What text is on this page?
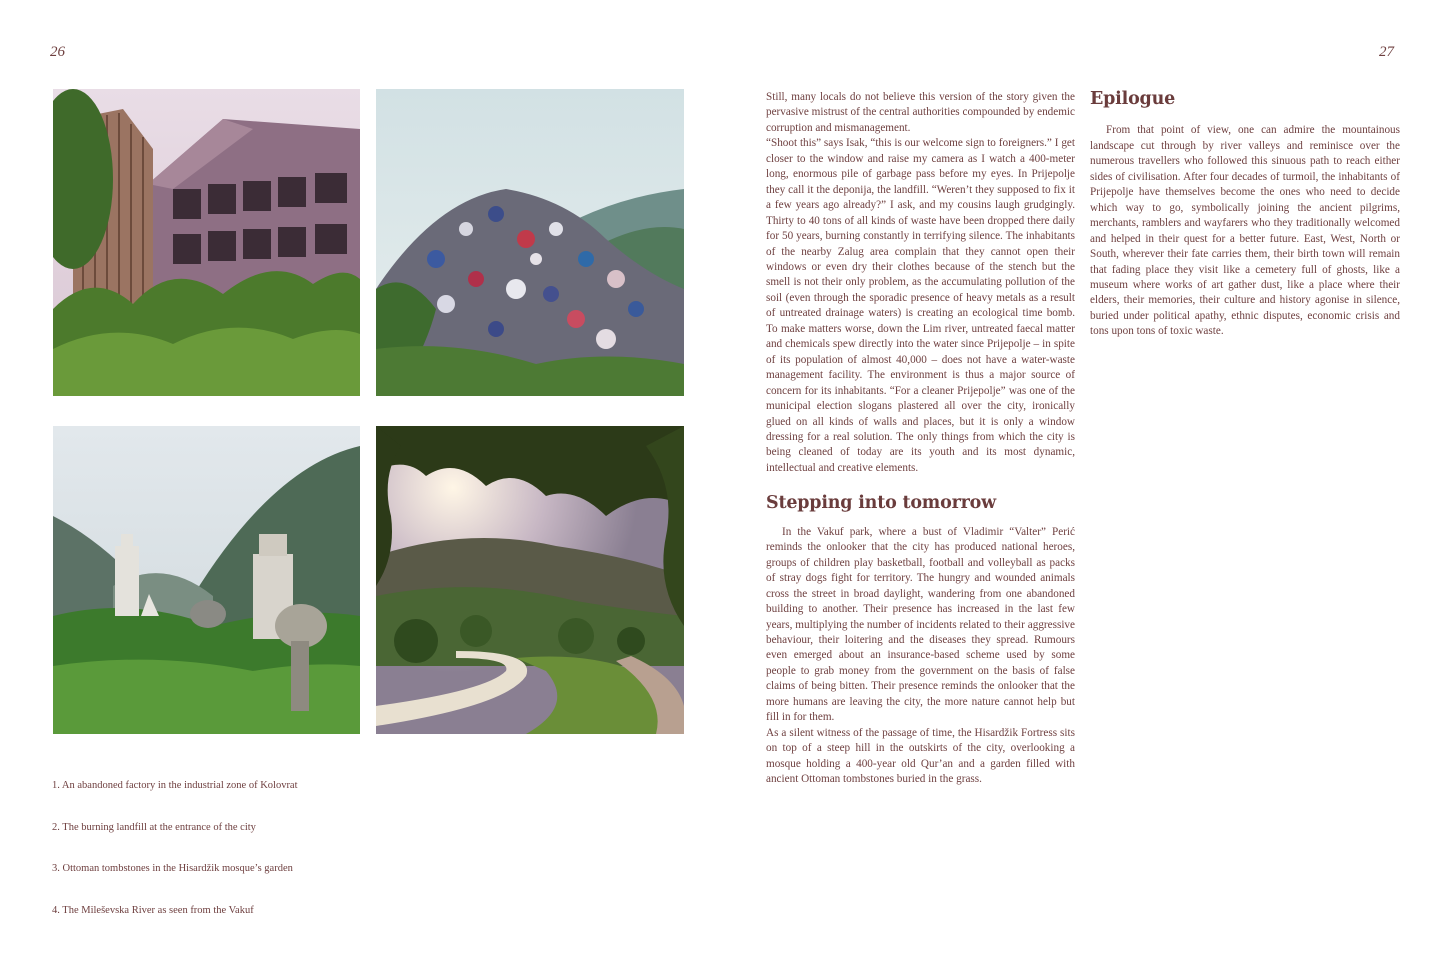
26	27
1. An abandoned factory in the industrial zone of Kolovrat
2. The burning landfill at the entrance of the city
3. Ottoman tombstones in the Hisardžik mosque’s garden
4. The Mileševska River as seen from the Vakuf

Still, many locals do not believe this version of the story given the pervasive mistrust of the central authorities compounded by endemic corruption and mismanagement.

“Shoot this” says Isak, “this is our welcome sign to foreigners.” I get closer to the window and raise my camera as I watch a 400-meter long, enormous pile of garbage pass before my eyes. In Prijepolje they call it the deponija, the landfill. “Weren’t they supposed to fix it a few years ago already?” I ask, and my cousins laugh grudgingly. Thirty to 40 tons of all kinds of waste have been dropped there daily for 50 years, burning constantly in terrifying silence. The inhabitants of the nearby Zalug area complain that they cannot open their windows or even dry their clothes because of the stench but the smell is not their only problem, as the accumulating pollution of the soil (even through the sporadic presence of heavy metals as a result of untreated drainage waters) is creating an ecological time bomb. To make matters worse, down the Lim river, untreated faecal matter and chemicals spew directly into the water since Prijepolje – in spite of its population of almost 40,000 – does not have a water-waste management facility. The environment is thus a major source of concern for its inhabitants. “For a cleaner Prijepolje” was one of the municipal election slogans plastered all over the city, ironically glued on all kinds of walls and places, but it is only a window dressing for a real solution. The only things from which the city is being cleaned of today are its youth and its most dynamic, intellectual and creative elements.

Stepping into tomorrow

In the Vakuf park, where a bust of Vladimir “Valter” Perić reminds the onlooker that the city has produced national heroes, groups of children play basketball, football and volleyball as packs of stray dogs fight for territory. The hungry and wounded animals cross the street in broad daylight, wandering from one abandoned building to another. Their presence has increased in the last few years, multiplying the number of incidents related to their aggressive behaviour, their loitering and the diseases they spread. Rumours even emerged about an insurance-based scheme used by some people to grab money from the government on the basis of false claims of being bitten. Their presence reminds the onlooker that the more humans are leaving the city, the more nature cannot help but fill in for them.

As a silent witness of the passage of time, the Hisardžik Fortress sits on top of a steep hill in the outskirts of the city, overlooking a mosque holding a 400-year old Qur’an and a garden filled with ancient Ottoman tombstones buried in the grass.

Epilogue

From that point of view, one can admire the mountainous landscape cut through by river valleys and reminisce over the numerous travellers who followed this sinuous path to reach either sides of civilisation. After four decades of turmoil, the inhabitants of Prijepolje have themselves become the ones who need to decide which way to go, symbolically joining the ancient pilgrims, merchants, ramblers and wayfarers who they traditionally welcomed and helped in their quest for a better future. East, West, North or South, wherever their fate carries them, their birth town will remain that fading place they visit like a cemetery full of ghosts, like a museum where works of art gather dust, like a place where their elders, their memories, their culture and history agonise in silence, buried under political apathy, ethnic disputes, economic crisis and tons upon tons of toxic waste.
